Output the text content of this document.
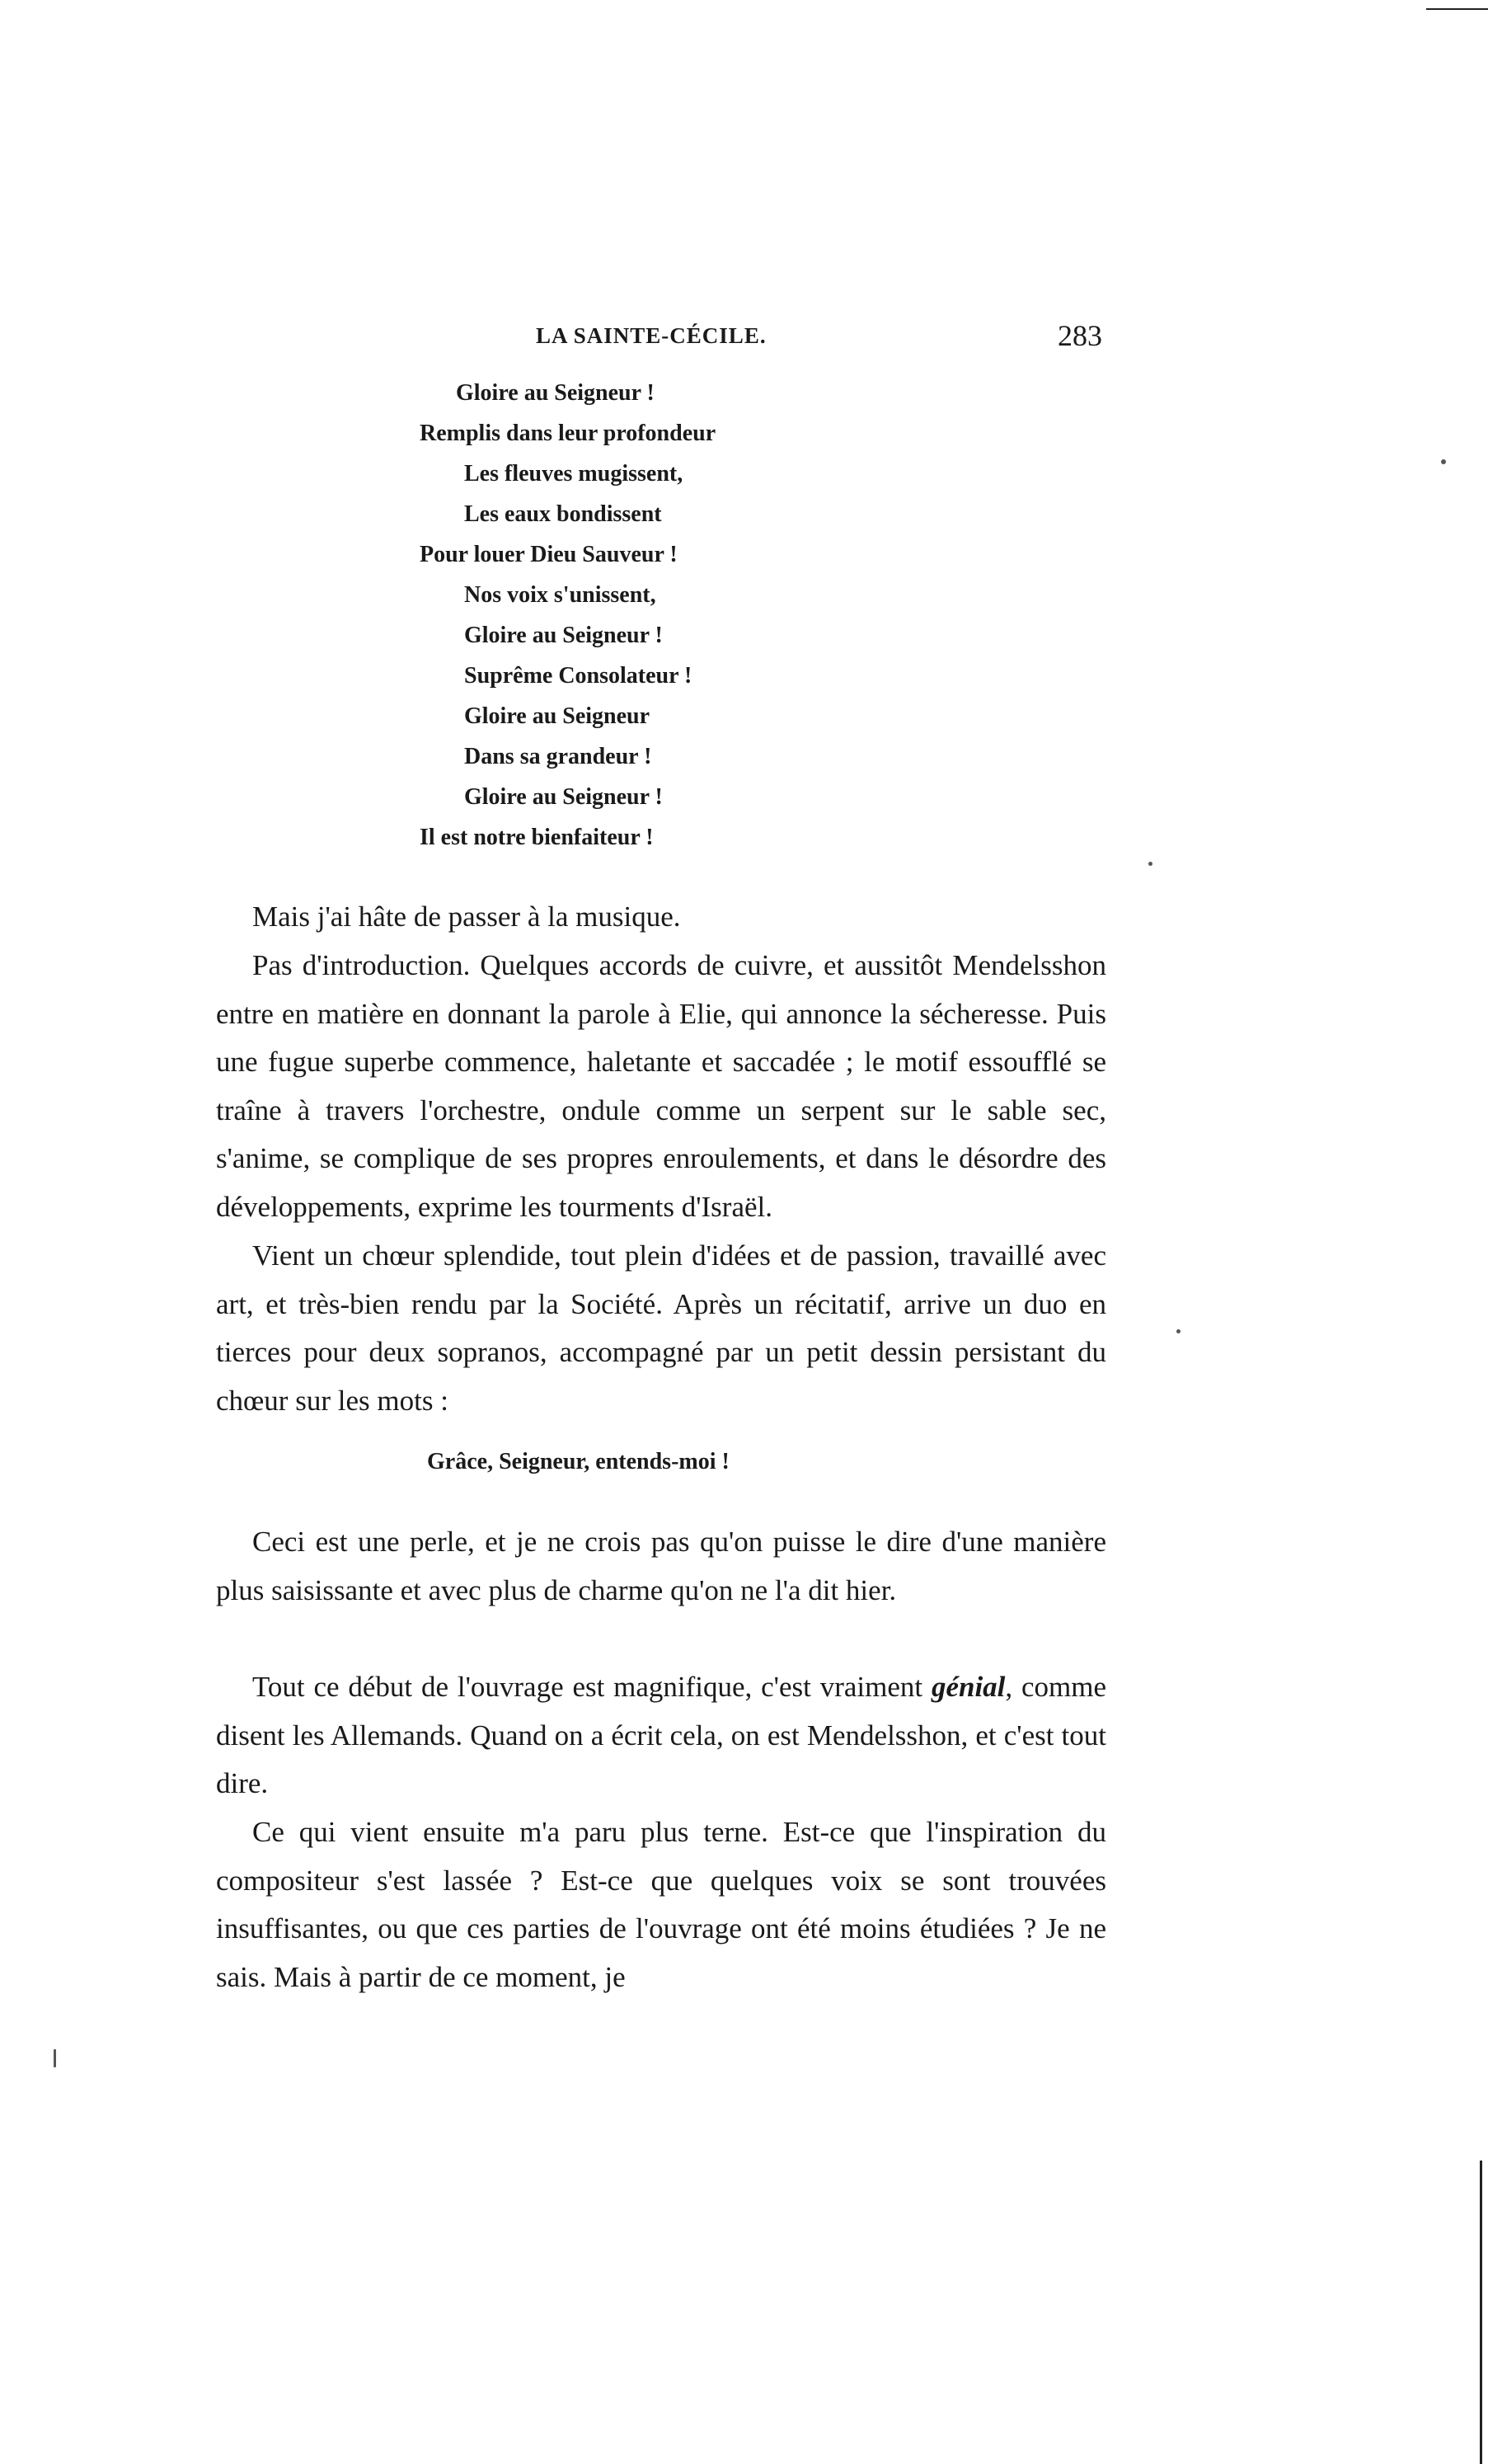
LA SAINTE-CÉCILE.	283
Gloire au Seigneur !
Remplis dans leur profondeur
Les fleuves mugissent,
Les eaux bondissent
Pour louer Dieu Sauveur !
Nos voix s'unissent,
Gloire au Seigneur !
Suprême Consolateur !
Gloire au Seigneur
Dans sa grandeur !
Gloire au Seigneur !
Il est notre bienfaiteur !

Mais j'ai hâte de passer à la musique.

Pas d'introduction. Quelques accords de cuivre, et aussitôt Mendelsshon entre en matière en donnant la parole à Elie, qui annonce la sécheresse. Puis une fugue superbe commence, haletante et saccadée ; le motif essoufflé se traîne à travers l'orchestre, ondule comme un serpent sur le sable sec, s'anime, se complique de ses propres enroulements, et dans le désordre des développements, exprime les tourments d'Israël.

Vient un chœur splendide, tout plein d'idées et de passion, travaillé avec art, et très-bien rendu par la Société. Après un récitatif, arrive un duo en tierces pour deux sopranos, accompagné par un petit dessin persistant du chœur sur les mots :

Grâce, Seigneur, entends-moi !

Ceci est une perle, et je ne crois pas qu'on puisse le dire d'une manière plus saisissante et avec plus de charme qu'on ne l'a dit hier.

Tout ce début de l'ouvrage est magnifique, c'est vraiment génial, comme disent les Allemands. Quand on a écrit cela, on est Mendelsshon, et c'est tout dire.

Ce qui vient ensuite m'a paru plus terne. Est-ce que l'inspiration du compositeur s'est lassée ? Est-ce que quelques voix se sont trouvées insuffisantes, ou que ces parties de l'ouvrage ont été moins étudiées ? Je ne sais. Mais à partir de ce moment, je
